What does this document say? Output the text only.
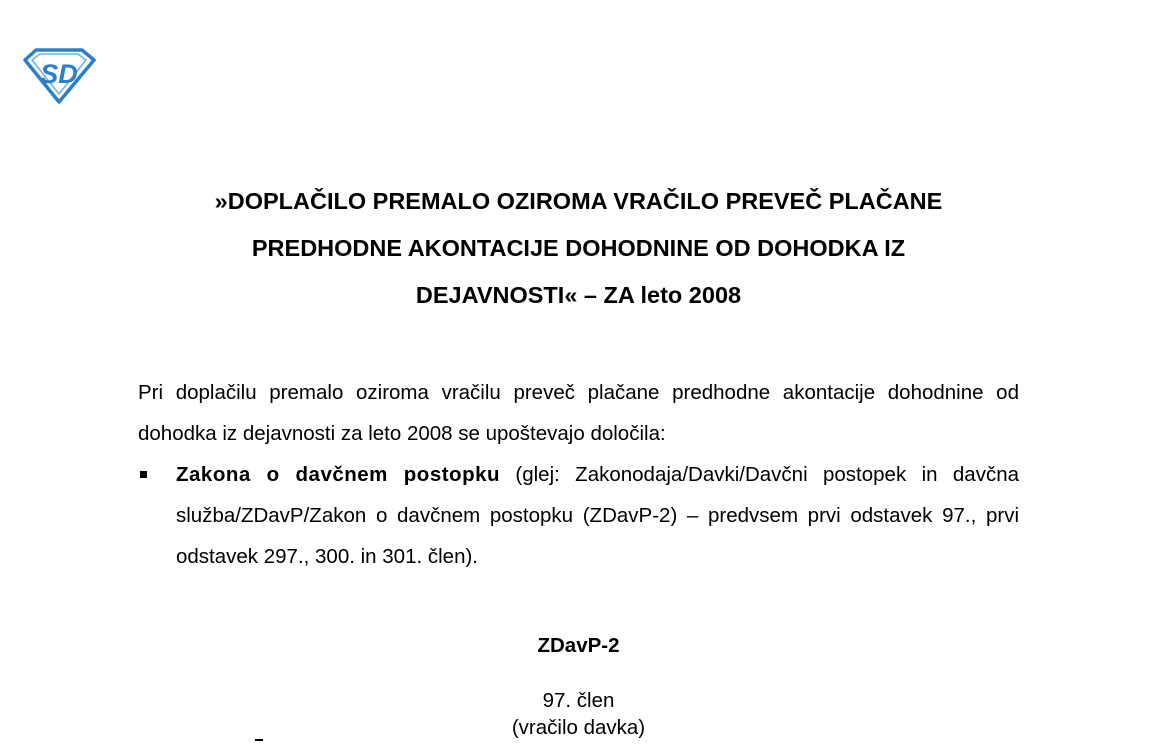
SD
»DOPLAČILO PREMALO OZIROMA VRAČILO PREVEČ PLAČANE
PREDHODNE AKONTACIJE DOHODNINE OD DOHODKA IZ
DEJAVNOSTI« – ZA leto 2008

Pri doplačilu premalo oziroma vračilu preveč plačane predhodne akontacije dohodnine od dohodka iz dejavnosti za leto 2008 se upoštevajo določila:

Zakona o davčnem postopku (glej: Zakonodaja/Davki/Davčni postopek in davčna služba/ZDavP/Zakon o davčnem postopku (ZDavP-2) – predvsem prvi odstavek 97., prvi odstavek 297., 300. in 301. člen).

ZDavP-2
97. člen
(vračilo davka)
